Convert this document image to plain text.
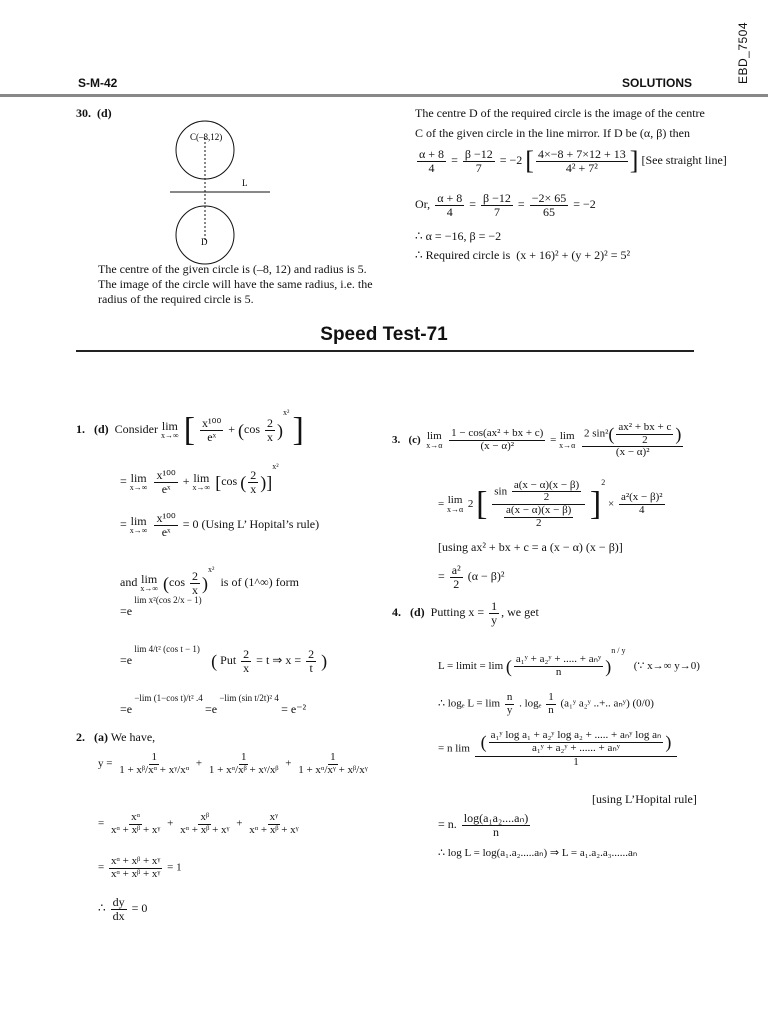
EBD_7504
S-M-42	SOLUTIONS
30. (d)
C(–8,12)
L
D
The centre of the given circle is (–8, 12) and radius is 5.
The image of the circle will have the same radius, i.e. the
radius of the required circle is 5.
The centre D of the required circle is the image of the centre
C of the given circle in the line mirror. If D be (α, β) then
$\frac{\alpha + 8}{4} = \frac{\beta -12}{7} = -2$ [ $\frac{4\times-8 + 7\times 12 + 13}{\text{4² + 7²}}$ ] [See straight line]
Or, $\frac{\alpha + 8}{4} = \frac{\beta -12}{7} = \frac{-2\times 65}{65} = -2$
∴ α = −16, β = −2
∴ Required circle is (x + 16)² + (y + 2)² = 5²
Speed Test-71
1. (d) Consider lim
x→∞ [ $\frac{\text{x¹⁰⁰}}{\text{eˣ}} + (\cos \frac{2}{x} )^{x^2}$ ]
= lim
x→∞
$\frac{\text{x¹⁰⁰}}{\text{eˣ}} + \lim$
x→∞ [cos ( $\frac{2}{x} )]^{x^2}$
= lim
x→∞
$\frac{\text{x¹⁰⁰}}{\text{eˣ}} = 0$ (Using L’ Hopital’s rule)
and lim
x→∞ $(\cos \frac{2}{x} )^{x^2}$  is of (1^∞) form
=e $^{lim x^2(cos 2/x - 1)}$
=e $^{lim 4/t^2 (cos t - 1)}$    ( Put $\frac{2}{x} = t$ ⇒ $x = \frac{2}{t}$ )
=e $^{-lim (1-cos t)/t^2 .4}$ =e $^{-lim (sin t/2t)^2 4}$ = e⁻²
2. (a) We have,
$y = \frac{1}{\text{1 + xᵝ/xᵅ + xᵞ/xᵅ}} + \frac{1}{\text{1 + xᵅ/xᵝ + xᵞ/xᵝ}} + \frac{1}{\text{1 + xᵅ/xᵞ + xᵝ/xᵞ}}$
= $\frac{\text{xᵅ}}{\text{xᵅ + xᵝ + xᵞ}} + \frac{\text{xᵝ}}{\text{xᵅ + xᵝ + xᵞ}} + \frac{\text{xᵞ}}{\text{xᵅ + xᵝ + xᵞ}}$
= $\frac{\text{xᵅ + xᵝ + xᵞ}}{\text{xᵅ + xᵝ + xᵞ}} = 1$
∴ $\frac{dy}{dx} = 0$
3. (c) lim
x→α
$\frac{\text{1 − cos(ax² + bx + c)}}{\text{(x − α)²}} = \lim$
x→α
$\frac{2 \sin^2( \frac{\text{ax² + bx + c}}{2} )}{\text{(x − α)²}}$
= lim
x→α 2 [ $\frac{\sin \frac{a(x - \alpha)(x - \beta)}{2}}{\frac{a(x - \alpha)(x - \beta)}{2}} ]^2 \times \frac{\text{a²(x − β)²}}{4}$
[using ax² + bx + c = a (x − α) (x − β)]
= $\frac{\text{a²}}{2} (\alpha - \beta)^2$
4. (d) Putting $x = \frac{1}{y}$ , we get
L = limit = lim ( $\frac{\text{a₁ʸ + a₂ʸ + ..... + aₙʸ}}{n} )^{n / y}$   (∵ x→∞ y→0)
∴ logₑ $L = \lim \frac{n}{y}$ . logₑ $\frac{1}{n}$ (a₁ʸ a₂ʸ ..+.. aₙʸ) (0/0)
= n lim ( $\frac{\text{a₁ʸ log a₁ + a₂ʸ log a₂ + ..... + aₙʸ log aₙ}}{\text{a₁ʸ + a₂ʸ + ...... + aₙʸ}}$ )
1
[using L’Hopital rule]
= n. $\frac{\text{log(a₁a₂....aₙ)}}{n}$
∴ log L = log(a₁.a₂.....aₙ) ⇒ L = a₁.a₂.a₃......aₙ
